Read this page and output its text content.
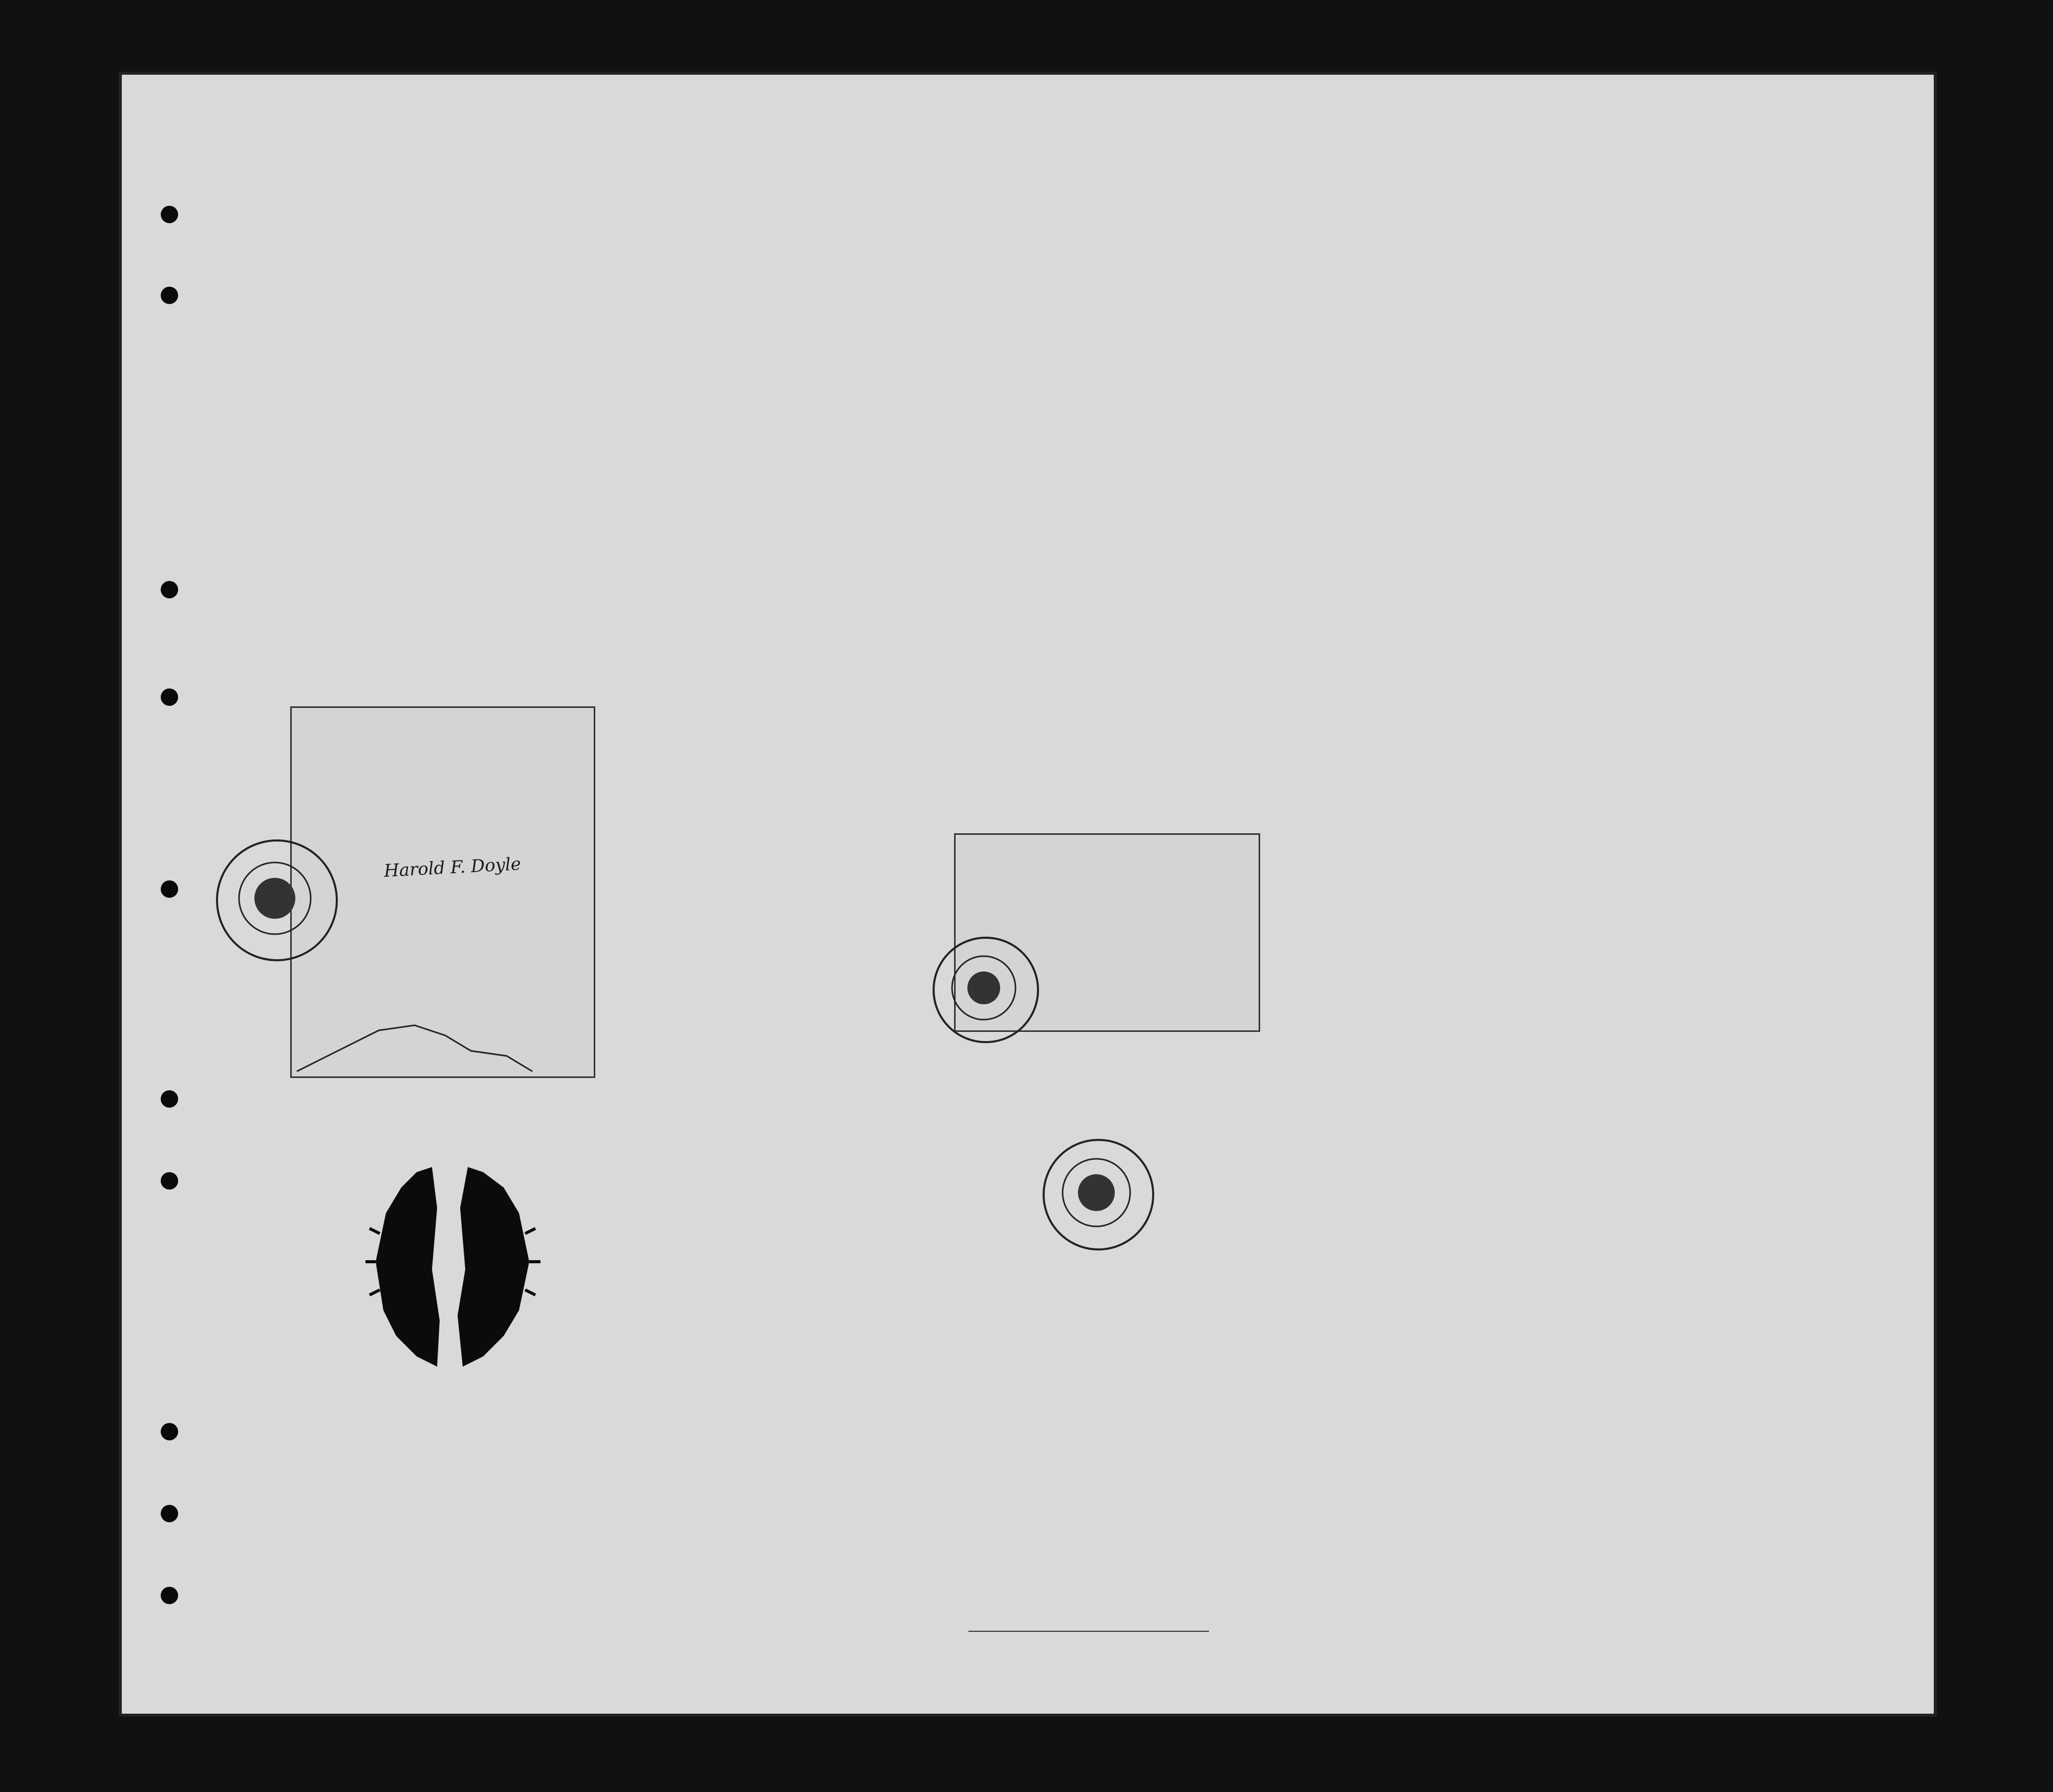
Harold F. Doyle
